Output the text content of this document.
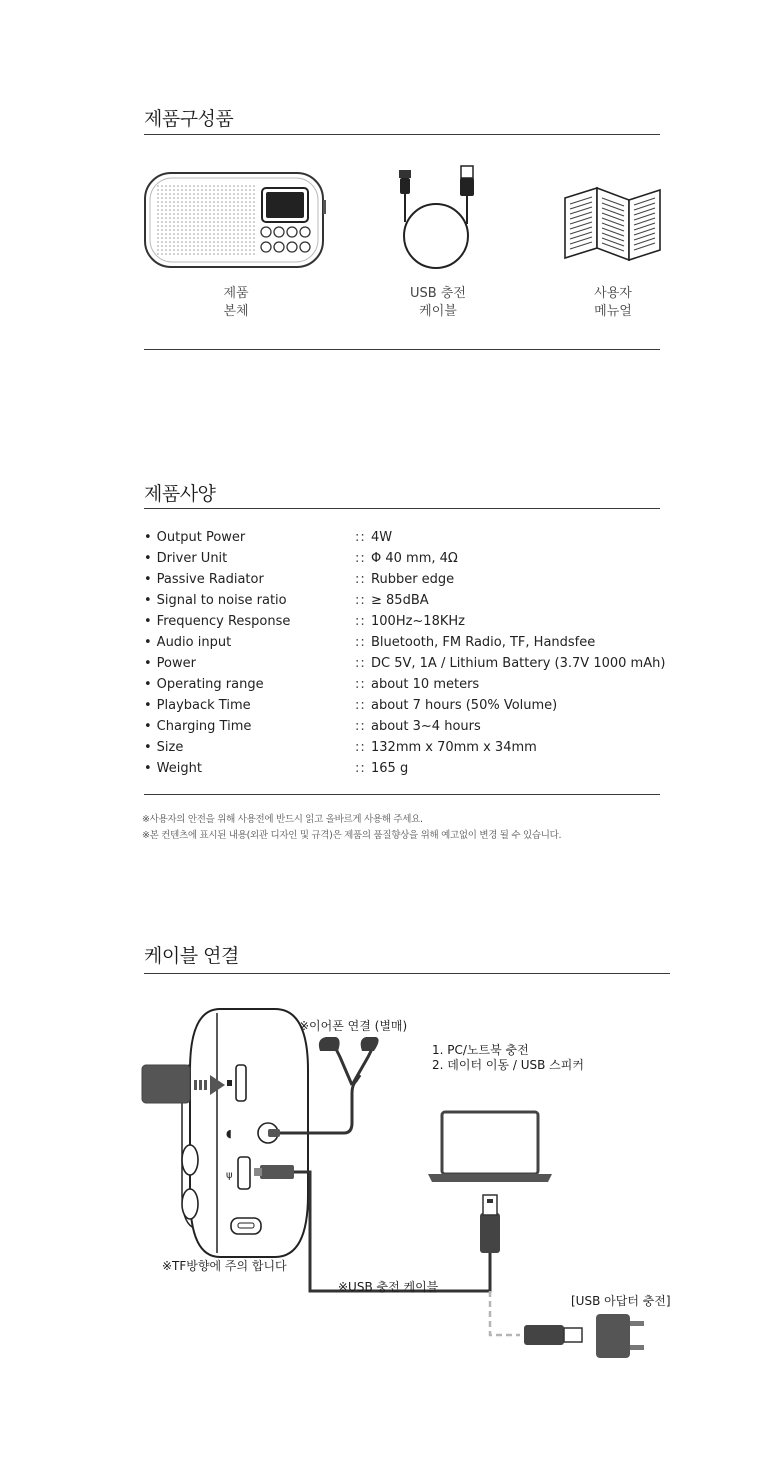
제품구성품
제품
본체
USB 충전
케이블
사용자
메뉴얼
제품사양
• Output Power	:: 4W
• Driver Unit	:: Φ 40 mm, 4Ω
• Passive Radiator	:: Rubber edge
• Signal to noise ratio	:: ≥ 85dBA
• Frequency Response	:: 100Hz~18KHz
• Audio input	:: Bluetooth, FM Radio, TF, Handsfee
• Power	:: DC 5V, 1A / Lithium Battery (3.7V 1000 mAh)
• Operating range	:: about 10 meters
• Playback Time	:: about 7 hours (50% Volume)
• Charging Time	:: about 3~4 hours
• Size	:: 132mm x 70mm x 34mm
• Weight	:: 165 g
※사용자의 안전을 위해 사용전에 반드시 읽고 올바르게 사용해 주세요.
※본 컨텐츠에 표시된 내용(외관 디자인 및 규격)은 제품의 품질향상을 위해 예고없이 변경 될 수 있습니다.
케이블 연결
◖
ψ
※이어폰 연결 (별매)
1. PC/노트북 충전
2. 데이터 이동 / USB 스피커
※TF방향에 주의 합니다
※USB 충전 케이블
[USB 아답터 충전]
